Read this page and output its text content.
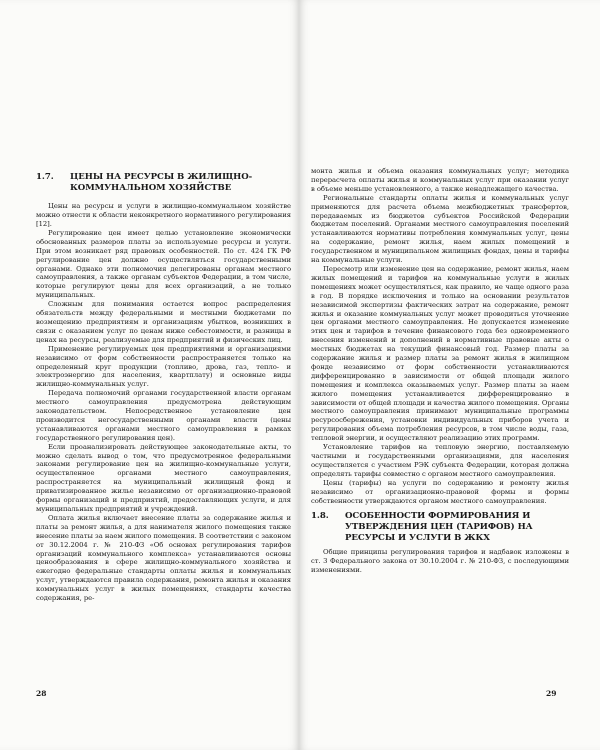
1.7.	ЦЕНЫ НА РЕСУРСЫ В ЖИЛИЩНО-КОММУНАЛЬНОМ ХОЗЯЙСТВЕ

Цены на ресурсы и услуги в жилищно-коммунальном хозяйстве можно отнести к области неконкретного нормативного регулирования [12].

Регулирование цен имеет целью установление экономически обоснованных размеров платы за используемые ресурсы и услуги. При этом возникает ряд правовых особенностей. По ст. 424 ГК РФ регулирование цен должно осуществляться государственными органами. Однако эти полномочия делегированы органам местного самоуправления, а также органам субъектов Федерации, в том числе, которые регулируют цены для всех организаций, а не только муниципальных.

Сложным для понимания остается вопрос распределения обязательств между федеральными и местными бюджетами по возмещению предприятиям и организациям убытков, возникших в связи с оказанием услуг по ценам ниже себестоимости, и разницы в ценах на ресурсы, реализуемые для предприятий и физических лиц.

Применение регулируемых цен предприятиями и организациями независимо от форм собственности распространяется только на определенный круг продукции (топливо, дрова, газ, тепло- и электроэнергию для населения, квартплату) и основные виды жилищно-коммунальных услуг.

Передача полномочий органами государственной власти органам местного самоуправления предусмотрена действующим законодательством. Непосредственное установление цен производится негосударственными органами власти (цены устанавливаются органами местного самоуправления в рамках государственного регулирования цен).

Если проанализировать действующее законодательные акты, то можно сделать вывод о том, что предусмотренное федеральными законами регулирование цен на жилищно-коммунальные услуги, осуществленное органами местного самоуправления, распространяется на муниципальный жилищный фонд и приватизированное жилье независимо от организационно-правовой формы организаций и предприятий, предоставляющих услуги, и для муниципальных предприятий и учреждений.

Оплата жилья включает внесение платы за содержание жилья и платы за ремонт жилья, а для нанимателя жилого помещения также внесение платы за наем жилого помещения. В соответствии с законом от 30.12.2004 г. № 210-ФЗ «Об основах регулирования тарифов организаций коммунального комплекса» устанавливаются основы ценообразования в сфере жилищно-коммунального хозяйства и ежегодно федеральные стандарты оплаты жилья и коммунальных услуг, утверждаются правила содержания, ремонта жилья и оказания коммунальных услуг в жилых помещениях, стандарты качества содержания, ре-

28

монта жилья и объема оказания коммунальных услуг; методика перерасчета оплаты жилья и коммунальных услуг при оказании услуг в объеме меньше установленного, а также ненадлежащего качества.

Региональные стандарты оплаты жилья и коммунальных услуг применяются для расчета объема межбюджетных трансфертов, передаваемых из бюджетов субъектов Российской Федерации бюджетам поселений. Органами местного самоуправления поселений устанавливаются нормативы потребления коммунальных услуг, цены на содержание, ремонт жилья, наем жилых помещений в государственном и муниципальном жилищных фондах, цены и тарифы на коммунальные услуги.

Пересмотр или изменение цен на содержание, ремонт жилья, наем жилых помещений и тарифов на коммунальные услуги в жилых помещениях может осуществляться, как правило, не чаще одного раза в год. В порядке исключения и только на основании результатов независимой экспертизы фактических затрат на содержание, ремонт жилья и оказание коммунальных услуг может проводиться уточнение цен органами местного самоуправления. Не допускается изменение этих цен и тарифов в течение финансового года без одновременного внесения изменений и дополнений в нормативные правовые акты о местных бюджетах на текущий финансовый год. Размер платы за содержание жилья и размер платы за ремонт жилья в жилищном фонде независимо от форм собственности устанавливаются дифференцированно в зависимости от общей площади жилого помещения и комплекса оказываемых услуг. Размер платы за наем жилого помещения устанавливается дифференцированно в зависимости от общей площади и качества жилого помещения. Органы местного самоуправления принимают муниципальные программы ресурсосбережения, установки индивидуальных приборов учета и регулирования объема потребления ресурсов, в том числе воды, газа, тепловой энергии, и осуществляют реализацию этих программ.

Установление тарифов на тепловую энергию, поставляемую частными и государственными организациями, для населения осуществляется с участием РЭК субъекта Федерации, которая должна определять тарифы совместно с органом местного самоуправления.

Цены (тарифы) на услуги по содержанию и ремонту жилья независимо от организационно-правовой формы и формы собственности утверждаются органом местного самоуправления.

1.8.	ОСОБЕННОСТИ ФОРМИРОВАНИЯ И УТВЕРЖДЕНИЯ ЦЕН (ТАРИФОВ) НА РЕСУРСЫ И УСЛУГИ В ЖКХ

Общие принципы регулирования тарифов и надбавок изложены в ст. 3 Федерального закона от 30.10.2004 г. № 210-ФЗ, с последующими изменениями.

29
